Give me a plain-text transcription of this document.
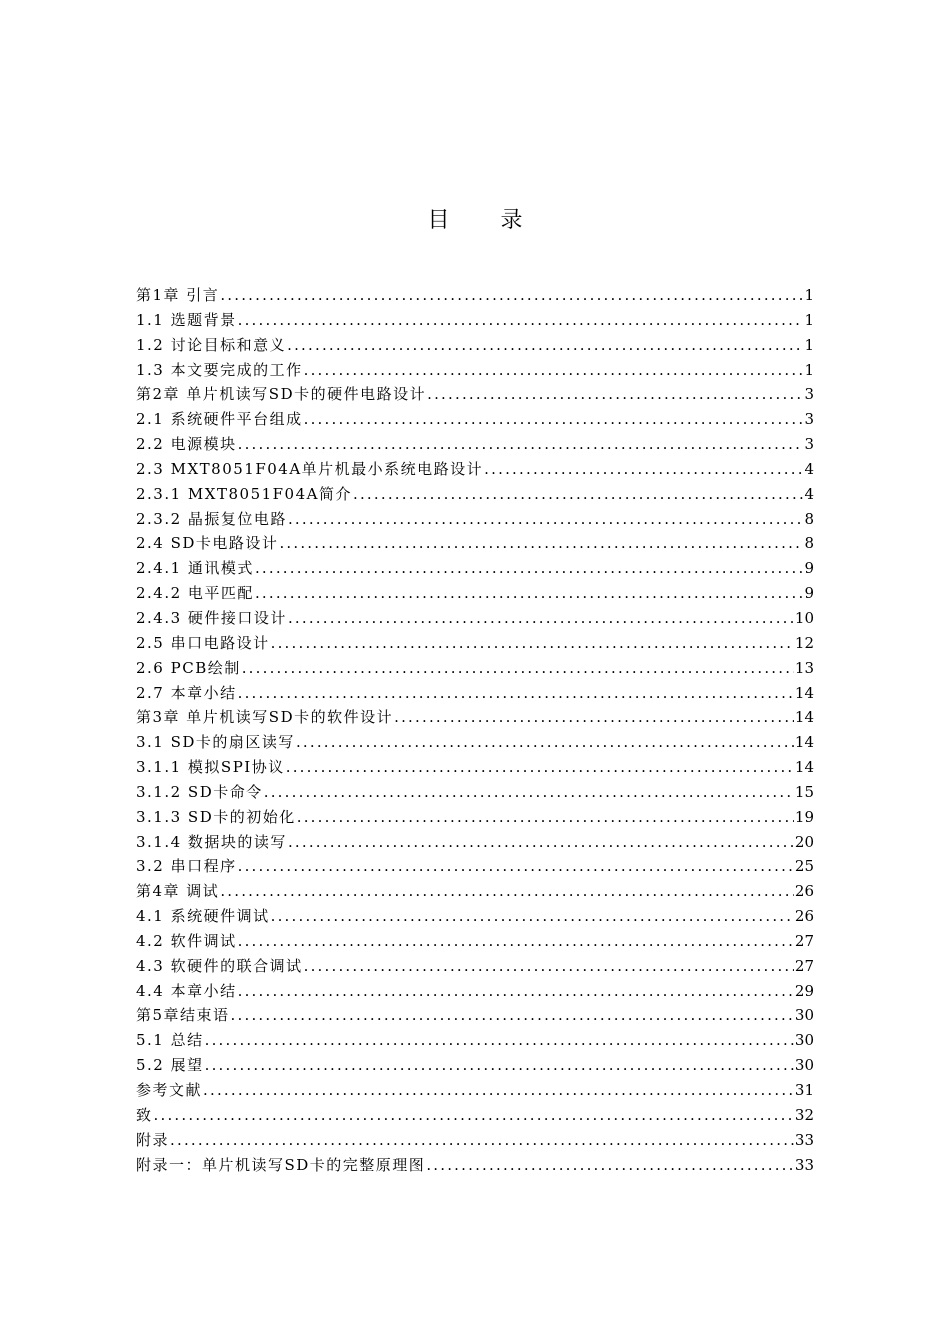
目 录
第1章 引言 .....	1
1.1 选题背景 .....	1
1.2 讨论目标和意义 .....	1
1.3 本文要完成的工作 .....	1
第2章 单片机读写SD卡的硬件电路设计 .....	3
2.1 系统硬件平台组成 .....	3
2.2 电源模块 .....	3
2.3 MXT8051F04A单片机最小系统电路设计 .....	4
2.3.1 MXT8051F04A简介 .....	4
2.3.2 晶振复位电路 .....	8
2.4 SD卡电路设计 .....	8
2.4.1 通讯模式 .....	9
2.4.2 电平匹配 .....	9
2.4.3 硬件接口设计 .....	10
2.5 串口电路设计 .....	12
2.6 PCB绘制 .....	13
2.7 本章小结 .....	14
第3章 单片机读写SD卡的软件设计 .....	14
3.1 SD卡的扇区读写 .....	14
3.1.1 模拟SPI协议 .....	14
3.1.2 SD卡命令 .....	15
3.1.3 SD卡的初始化 .....	19
3.1.4 数据块的读写 .....	20
3.2 串口程序 .....	25
第4章 调试 .....	26
4.1 系统硬件调试 .....	26
4.2 软件调试 .....	27
4.3 软硬件的联合调试 .....	27
4.4 本章小结 .....	29
第5章结束语 .....	30
5.1 总结 .....	30
5.2 展望 .....	30
参考文献 .....	31
致 .....	32
附录 .....	33
附录一：单片机读写SD卡的完整原理图 .....	33
